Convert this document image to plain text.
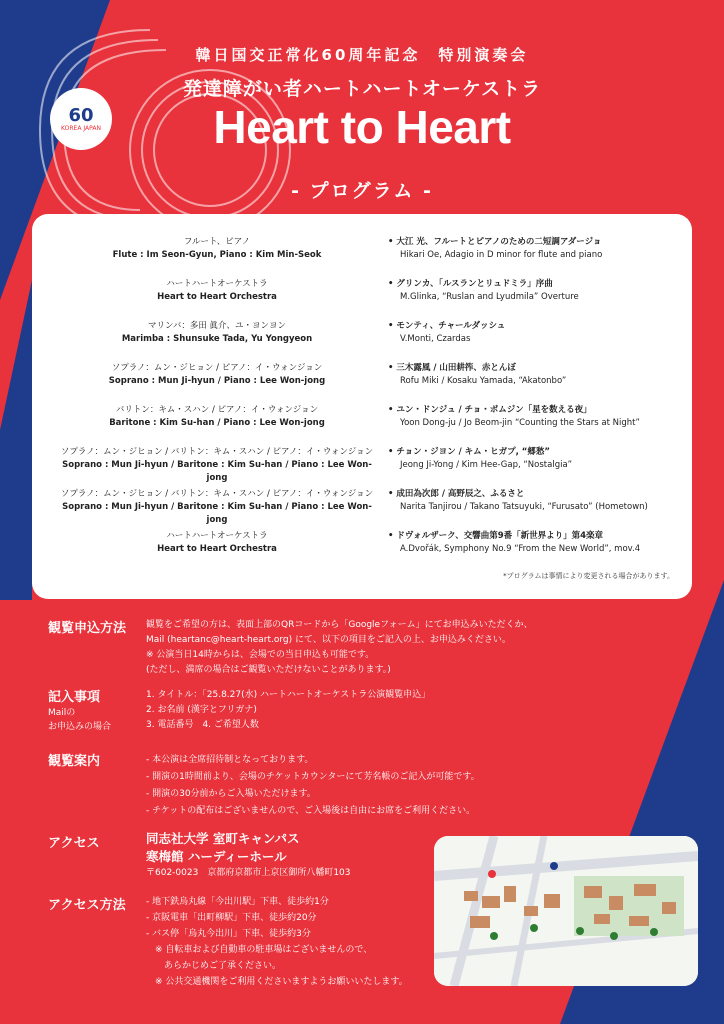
60
KOREA JAPAN
韓日国交正常化60周年記念　特別演奏会
発達障がい者ハートハートオーケストラ
Heart to Heart
- プログラム -
フルート、ピアノ
Flute : Im Seon-Gyun, Piano : Kim Min-Seok
• 大江 光、フルートとピアノのための二短調アダージョ
Hikari Oe, Adagio in D minor for flute and piano
ハートハートオーケストラ
Heart to Heart Orchestra
• グリンカ、「ルスランとリュドミラ」序曲
M.Glinka, “Ruslan and Lyudmila” Overture
マリンバ：多田 眞介、ユ・ヨンヨン
Marimba : Shunsuke Tada, Yu Yongyeon
• モンティ、チャールダッシュ
V.Monti, Czardas
ソプラノ：ムン・ジヒョン / ピアノ：イ・ウォンジョン
Soprano : Mun Ji-hyun / Piano : Lee Won-jong
• 三木露風 / 山田耕筰、赤とんぼ
Rofu Miki / Kosaku Yamada, “Akatonbo”
バリトン：キム・スハン / ピアノ：イ・ウォンジョン
Baritone : Kim Su-han / Piano : Lee Won-jong
• ユン・ドンジュ / チョ・ボムジン「星を数える夜」
Yoon Dong-ju / Jo Beom-jin “Counting the Stars at Night”
ソプラノ：ムン・ジヒョン / バリトン：キム・スハン / ピアノ：イ・ウォンジョン
Soprano : Mun Ji-hyun / Baritone : Kim Su-han / Piano : Lee Won-jong
• チョン・ジヨン / キム・ヒガプ, “郷愁”
Jeong Ji-Yong / Kim Hee-Gap, “Nostalgia”
ソプラノ：ムン・ジヒョン / バリトン：キム・スハン / ピアノ：イ・ウォンジョン
Soprano : Mun Ji-hyun / Baritone : Kim Su-han / Piano : Lee Won-jong
• 成田為次郎 / 高野辰之、ふるさと
Narita Tanjirou / Takano Tatsuyuki, “Furusato” (Hometown)
ハートハートオーケストラ
Heart to Heart Orchestra
• ドヴォルザーク、交響曲第9番「新世界より」第4楽章
A.Dvořák, Symphony No.9 “From the New World”, mov.4
*プログラムは事情により変更される場合があります。
観覧申込方法 観覧をご希望の方は、表面上部のQRコードから「Googleフォーム」にてお申込みいただくか、
Mail (heartanc@heart-heart.org) にて、以下の項目をご記入の上、お申込みください。
※ 公演当日14時からは、会場での当日申込も可能です。
(ただし、満席の場合はご観覧いただけないことがあります。)
記入事項
Mailの
お申込みの場合
1. タイトル：「25.8.27(水) ハートハートオーケストラ公演観覧申込」
2. お名前 (漢字とフリガナ)
3. 電話番号　4. ご希望人数
観覧案内	- 本公演は全席招待制となっております。
- 開演の1時間前より、会場のチケットカウンターにて芳名帳のご記入が可能です。
- 開演の30分前からご入場いただけます。
- チケットの配布はございませんので、ご入場後は自由にお席をご利用ください。
アクセス	同志社大学 室町キャンパス
寒梅館 ハーディーホール
〒602-0023　京都府京都市上京区御所八幡町103
アクセス方法 - 地下鉄烏丸線「今出川駅」下車、徒歩約1分
- 京阪電車「出町柳駅」下車、徒歩約20分
- バス停「烏丸今出川」下車、徒歩約3分
　※ 自転車および自動車の駐車場はございませんので、
　　あらかじめご了承ください。
　※ 公共交通機関をご利用くださいますようお願いいたします。
